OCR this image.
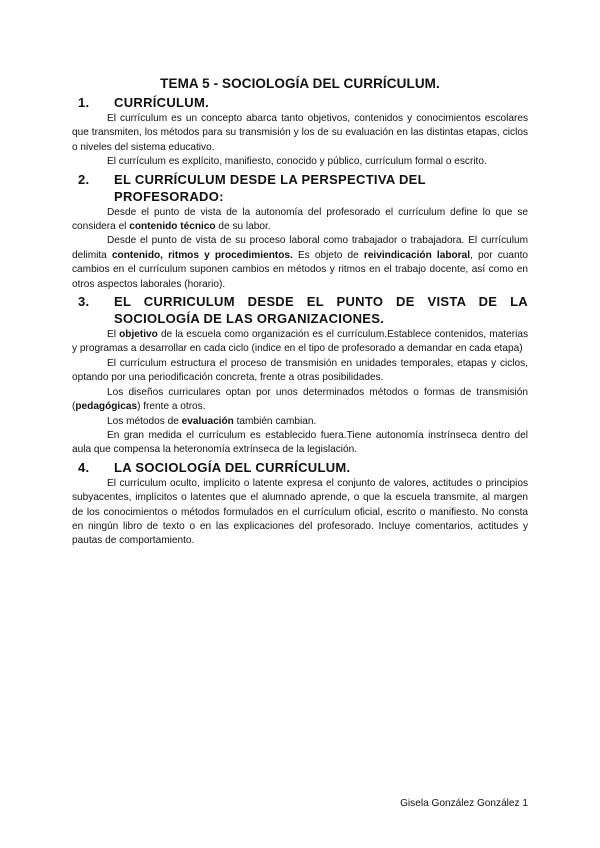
TEMA 5 - SOCIOLOGÍA DEL CURRÍCULUM.
1.	CURRÍCULUM.

El currículum es un concepto abarca tanto objetivos, contenidos y conocimientos escolares que transmiten, los métodos para su transmisión y los de su evaluación en las distintas etapas, ciclos o niveles del sistema educativo.

El currículum es explícito, manifiesto, conocido y público, currículum formal o escrito.

2.	EL CURRÍCULUM DESDE LA PERSPECTIVA DEL PROFESORADO:

Desde el punto de vista de la autonomía del profesorado el currículum define lo que se considera el contenido técnico de su labor.

Desde el punto de vista de su proceso laboral como trabajador o trabajadora. El currículum delimita contenido, ritmos y procedimientos. Es objeto de reivindicación laboral, por cuanto cambios en el currículum suponen cambios en métodos y ritmos en el trabajo docente, así como en otros aspectos laborales (horario).

3.	EL CURRICULUM DESDE EL PUNTO DE VISTA DE LA SOCIOLOGÍA DE LAS ORGANIZACIONES.

El objetivo de la escuela como organización es el currículum.Establece contenidos, materias y programas a desarrollar en cada ciclo (indice en el tipo de profesorado a demandar en cada etapa)

El currículum estructura el proceso de transmisión en unidades temporales, etapas y ciclos, optando por una periodificación concreta, frente a otras posibilidades.

Los diseños curriculares optan por unos determinados métodos o formas de transmisión (pedagógicas) frente a otros.

Los métodos de evaluación también cambian.

En gran medida el currículum es establecido fuera.Tiene autonomía instrínseca dentro del aula que compensa la heteronomía extrínseca de la legislación.

4.	LA SOCIOLOGÍA DEL CURRÍCULUM.

El currículum oculto, implícito o latente expresa el conjunto de valores, actitudes o principios subyacentes, implícitos o latentes que el alumnado aprende, o que la escuela transmite, al margen de los conocimientos o métodos formulados en el currículum oficial, escrito o manifiesto. No consta en ningún libro de texto o en las explicaciones del profesorado. Incluye comentarios, actitudes y pautas de comportamiento.

Gisela González González 1
